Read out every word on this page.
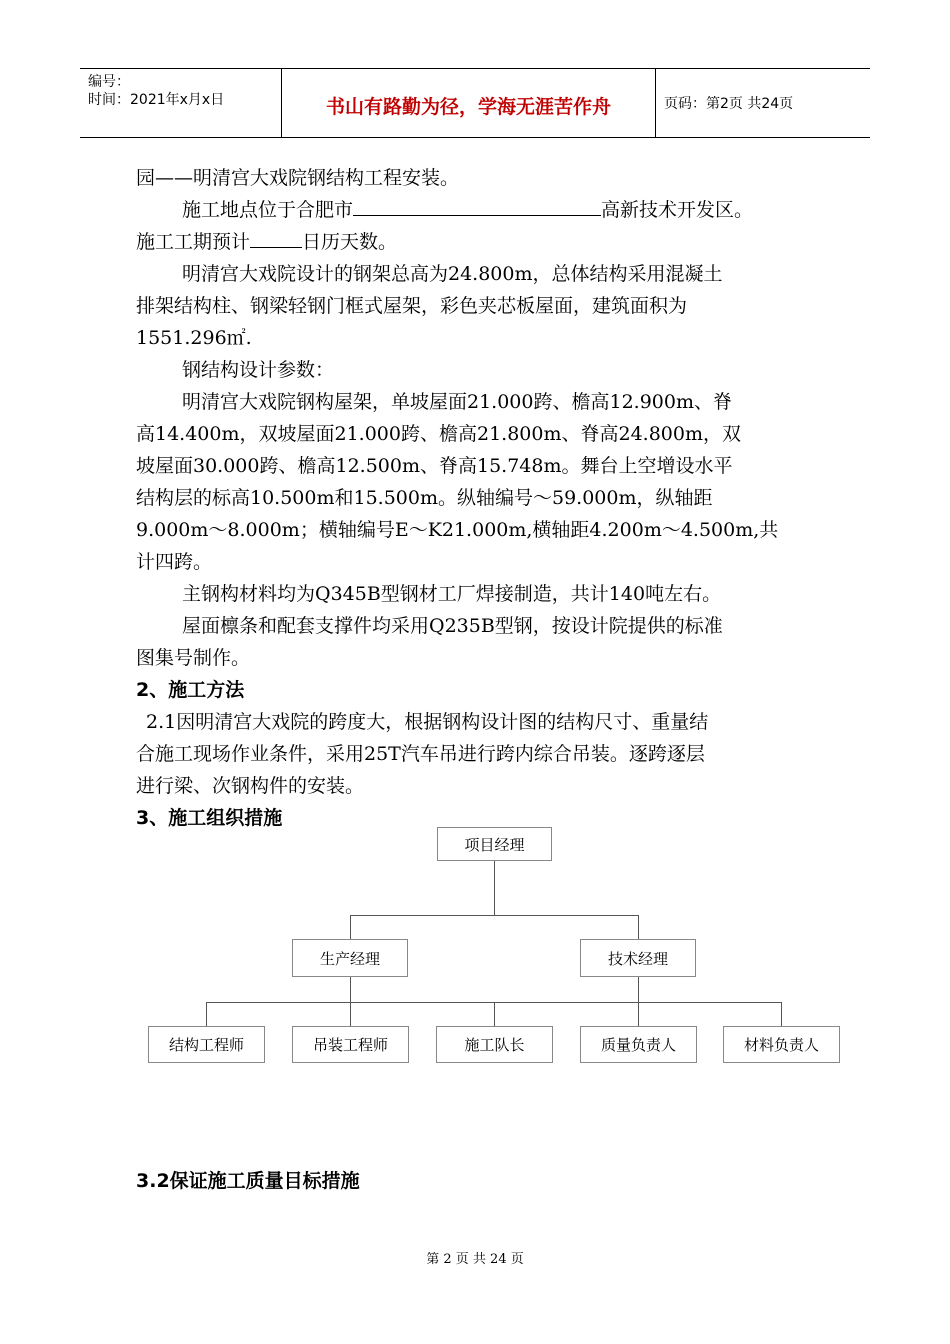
编号：
时间：2021年x月x日	书山有路勤为径，学海无涯苦作舟	页码：第2页 共24页
园——明清宫大戏院钢结构工程安装。
施工地点位于合肥市	高新技术开发区。
施工工期预计	日历天数。
明清宫大戏院设计的钢架总高为24.800m，总体结构采用混凝土
排架结构柱、钢梁轻钢门框式屋架，彩色夹芯板屋面，建筑面积为
1551.296㎡.
钢结构设计参数：
明清宫大戏院钢构屋架，单坡屋面21.000跨、檐高12.900m、脊
高14.400m，双坡屋面21.000跨、檐高21.800m、脊高24.800m，双
坡屋面30.000跨、檐高12.500m、脊高15.748m。舞台上空增设水平
结构层的标高10.500m和15.500m。纵轴编号～59.000m，纵轴距
9.000m～8.000m；横轴编号E～K21.000m,横轴距4.200m～4.500m,共
计四跨。
主钢构材料均为Q345B型钢材工厂焊接制造，共计140吨左右。
屋面檩条和配套支撑件均采用Q235B型钢，按设计院提供的标准
图集号制作。
2、施工方法
2.1因明清宫大戏院的跨度大，根据钢构设计图的结构尺寸、重量结
合施工现场作业条件，采用25T汽车吊进行跨内综合吊装。逐跨逐层
进行梁、次钢构件的安装。
3、施工组织措施
项目经理
生产经理	技术经理
结构工程师	吊装工程师	施工队长	质量负责人	材料负责人
3.2保证施工质量目标措施
第 2 页 共 24 页
